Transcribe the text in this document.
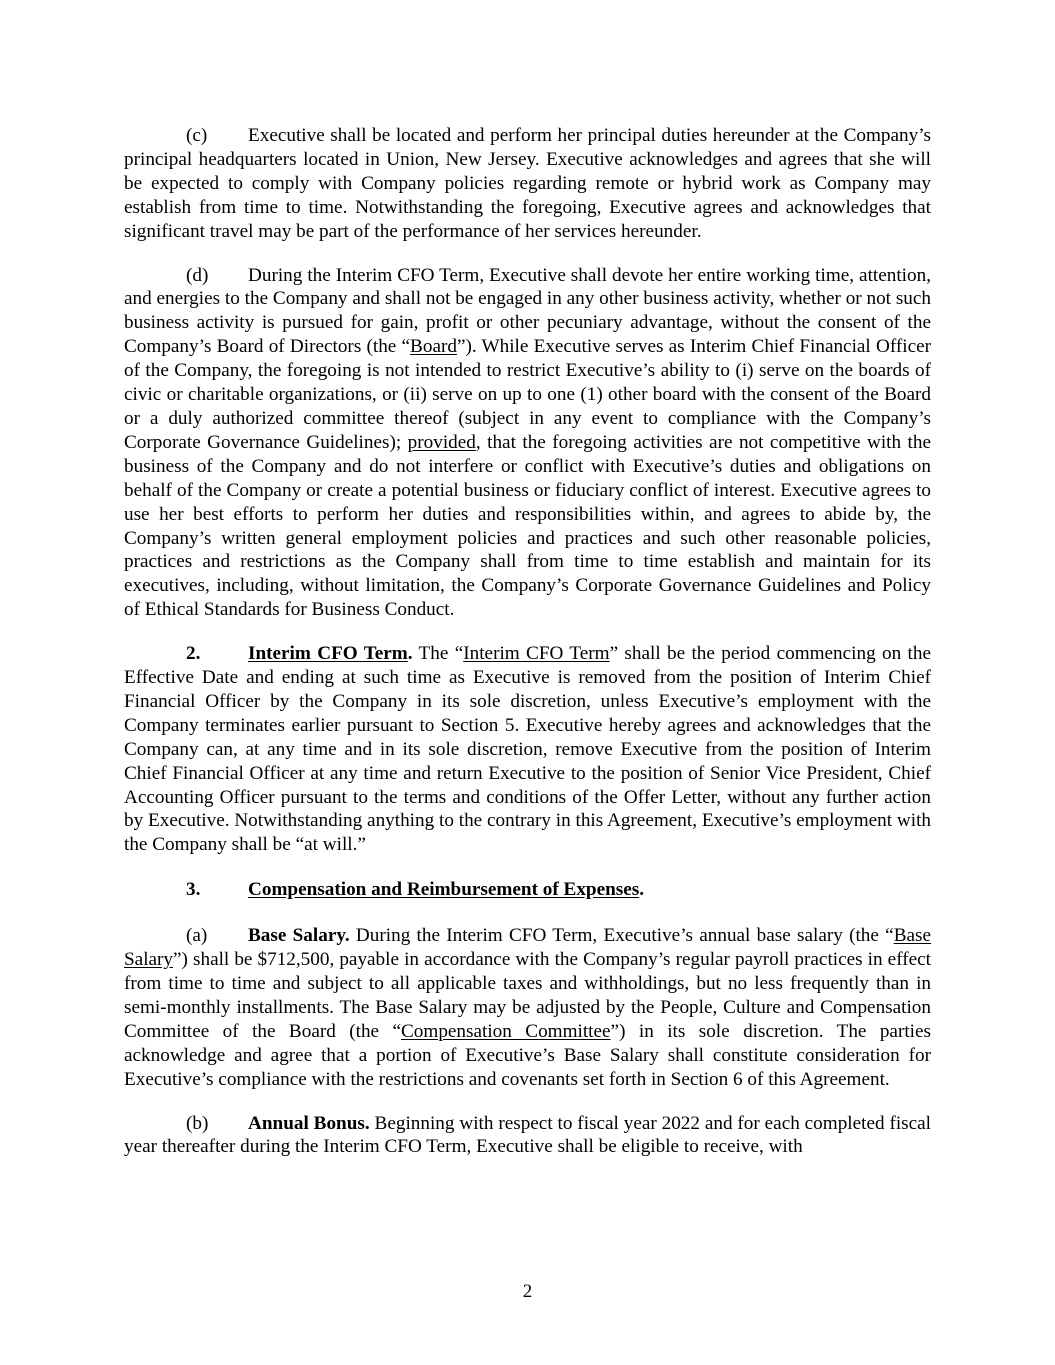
(c) Executive shall be located and perform her principal duties hereunder at the Company’s principal headquarters located in Union, New Jersey. Executive acknowledges and agrees that she will be expected to comply with Company policies regarding remote or hybrid work as Company may establish from time to time. Notwithstanding the foregoing, Executive agrees and acknowledges that significant travel may be part of the performance of her services hereunder.

(d) During the Interim CFO Term, Executive shall devote her entire working time, attention, and energies to the Company and shall not be engaged in any other business activity, whether or not such business activity is pursued for gain, profit or other pecuniary advantage, without the consent of the Company’s Board of Directors (the “Board”). While Executive serves as Interim Chief Financial Officer of the Company, the foregoing is not intended to restrict Executive’s ability to (i) serve on the boards of civic or charitable organizations, or (ii) serve on up to one (1) other board with the consent of the Board or a duly authorized committee thereof (subject in any event to compliance with the Company’s Corporate Governance Guidelines); provided, that the foregoing activities are not competitive with the business of the Company and do not interfere or conflict with Executive’s duties and obligations on behalf of the Company or create a potential business or fiduciary conflict of interest. Executive agrees to use her best efforts to perform her duties and responsibilities within, and agrees to abide by, the Company’s written general employment policies and practices and such other reasonable policies, practices and restrictions as the Company shall from time to time establish and maintain for its executives, including, without limitation, the Company’s Corporate Governance Guidelines and Policy of Ethical Standards for Business Conduct.

2. Interim CFO Term. The “Interim CFO Term” shall be the period commencing on the Effective Date and ending at such time as Executive is removed from the position of Interim Chief Financial Officer by the Company in its sole discretion, unless Executive’s employment with the Company terminates earlier pursuant to Section 5. Executive hereby agrees and acknowledges that the Company can, at any time and in its sole discretion, remove Executive from the position of Interim Chief Financial Officer at any time and return Executive to the position of Senior Vice President, Chief Accounting Officer pursuant to the terms and conditions of the Offer Letter, without any further action by Executive. Notwithstanding anything to the contrary in this Agreement, Executive’s employment with the Company shall be “at will.”

3. Compensation and Reimbursement of Expenses.

(a) Base Salary. During the Interim CFO Term, Executive’s annual base salary (the “Base Salary”) shall be $712,500, payable in accordance with the Company’s regular payroll practices in effect from time to time and subject to all applicable taxes and withholdings, but no less frequently than in semi-monthly installments. The Base Salary may be adjusted by the People, Culture and Compensation Committee of the Board (the “Compensation Committee”) in its sole discretion. The parties acknowledge and agree that a portion of Executive’s Base Salary shall constitute consideration for Executive’s compliance with the restrictions and covenants set forth in Section 6 of this Agreement.

(b) Annual Bonus. Beginning with respect to fiscal year 2022 and for each completed fiscal year thereafter during the Interim CFO Term, Executive shall be eligible to receive, with

2
